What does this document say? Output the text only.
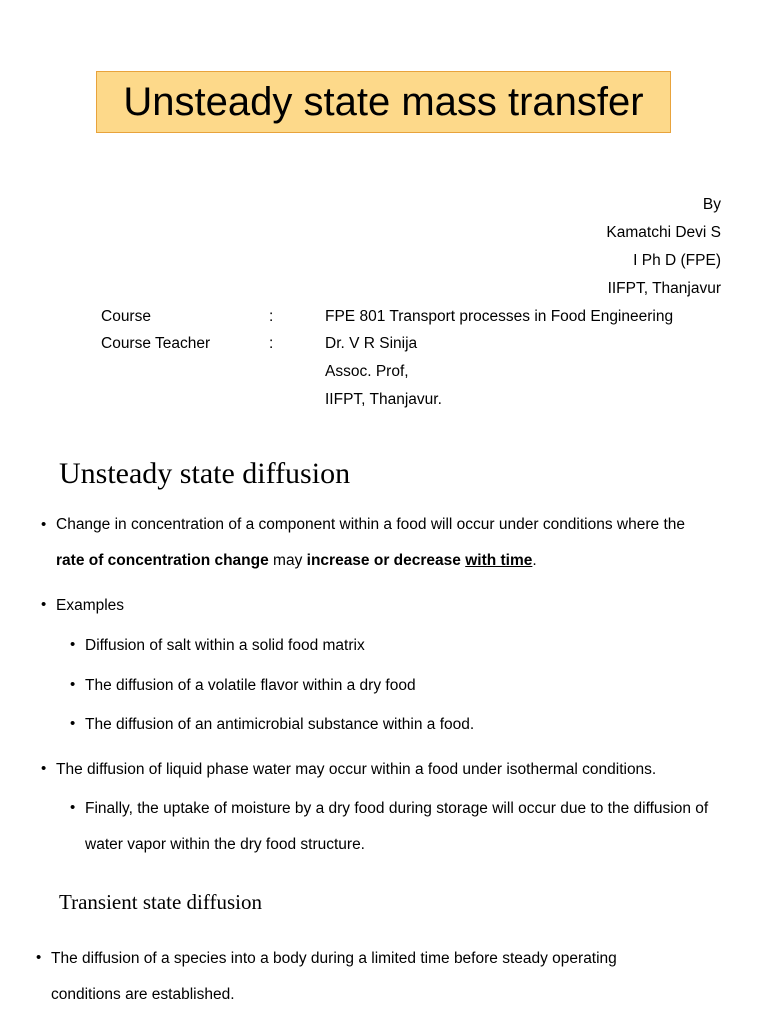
Unsteady state mass transfer
By
Kamatchi Devi S
I Ph D (FPE)
IIFPT, Thanjavur
Course	:	FPE 801 Transport processes in Food Engineering
Course Teacher	:	Dr. V R Sinija
Assoc. Prof,
IIFPT, Thanjavur.
Unsteady state diffusion
• Change in concentration of a component within a food will occur under conditions where the
rate of concentration change may increase or decrease with time.
• Examples
• Diffusion of salt within a solid food matrix
• The diffusion of a volatile flavor within a dry food
• The diffusion of an antimicrobial substance within a food.
• The diffusion of liquid phase water may occur within a food under isothermal conditions.
• Finally, the uptake of moisture by a dry food during storage will occur due to the diffusion of
water vapor within the dry food structure.
Transient state diffusion
• The diffusion of a species into a body during a limited time before steady operating
conditions are established.
